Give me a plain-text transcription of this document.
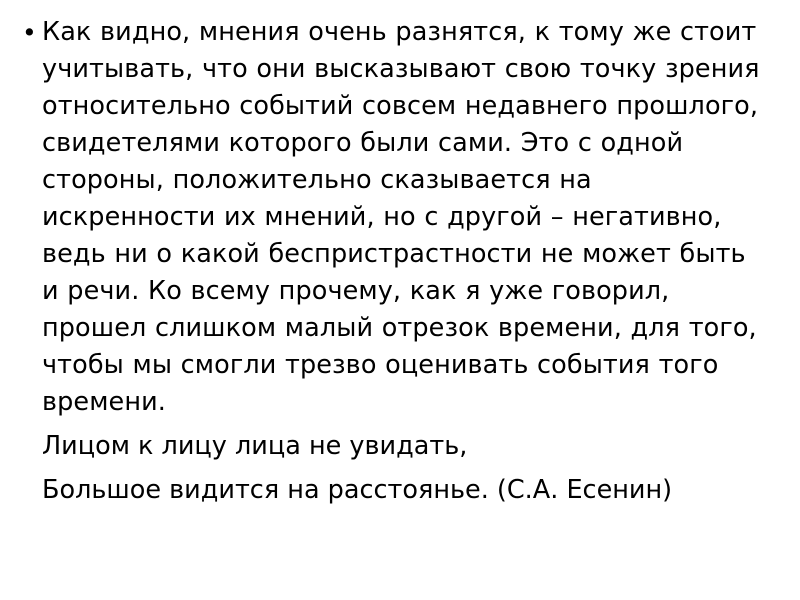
• Как видно, мнения очень разнятся, к тому же стоит учитывать, что они высказывают свою точку зрения относительно событий совсем недавнего прошлого, свидетелями которого были сами. Это с одной стороны, положительно сказывается на искренности их мнений, но с другой – негативно, ведь ни о какой беспристрастности не может быть и речи. Ко всему прочему, как я уже говорил, прошел слишком малый отрезок времени, для того, чтобы мы смогли трезво оценивать события того времени.
Лицом к лицу лица не увидать,
Большое видится на расстоянье. (С.А. Есенин)
